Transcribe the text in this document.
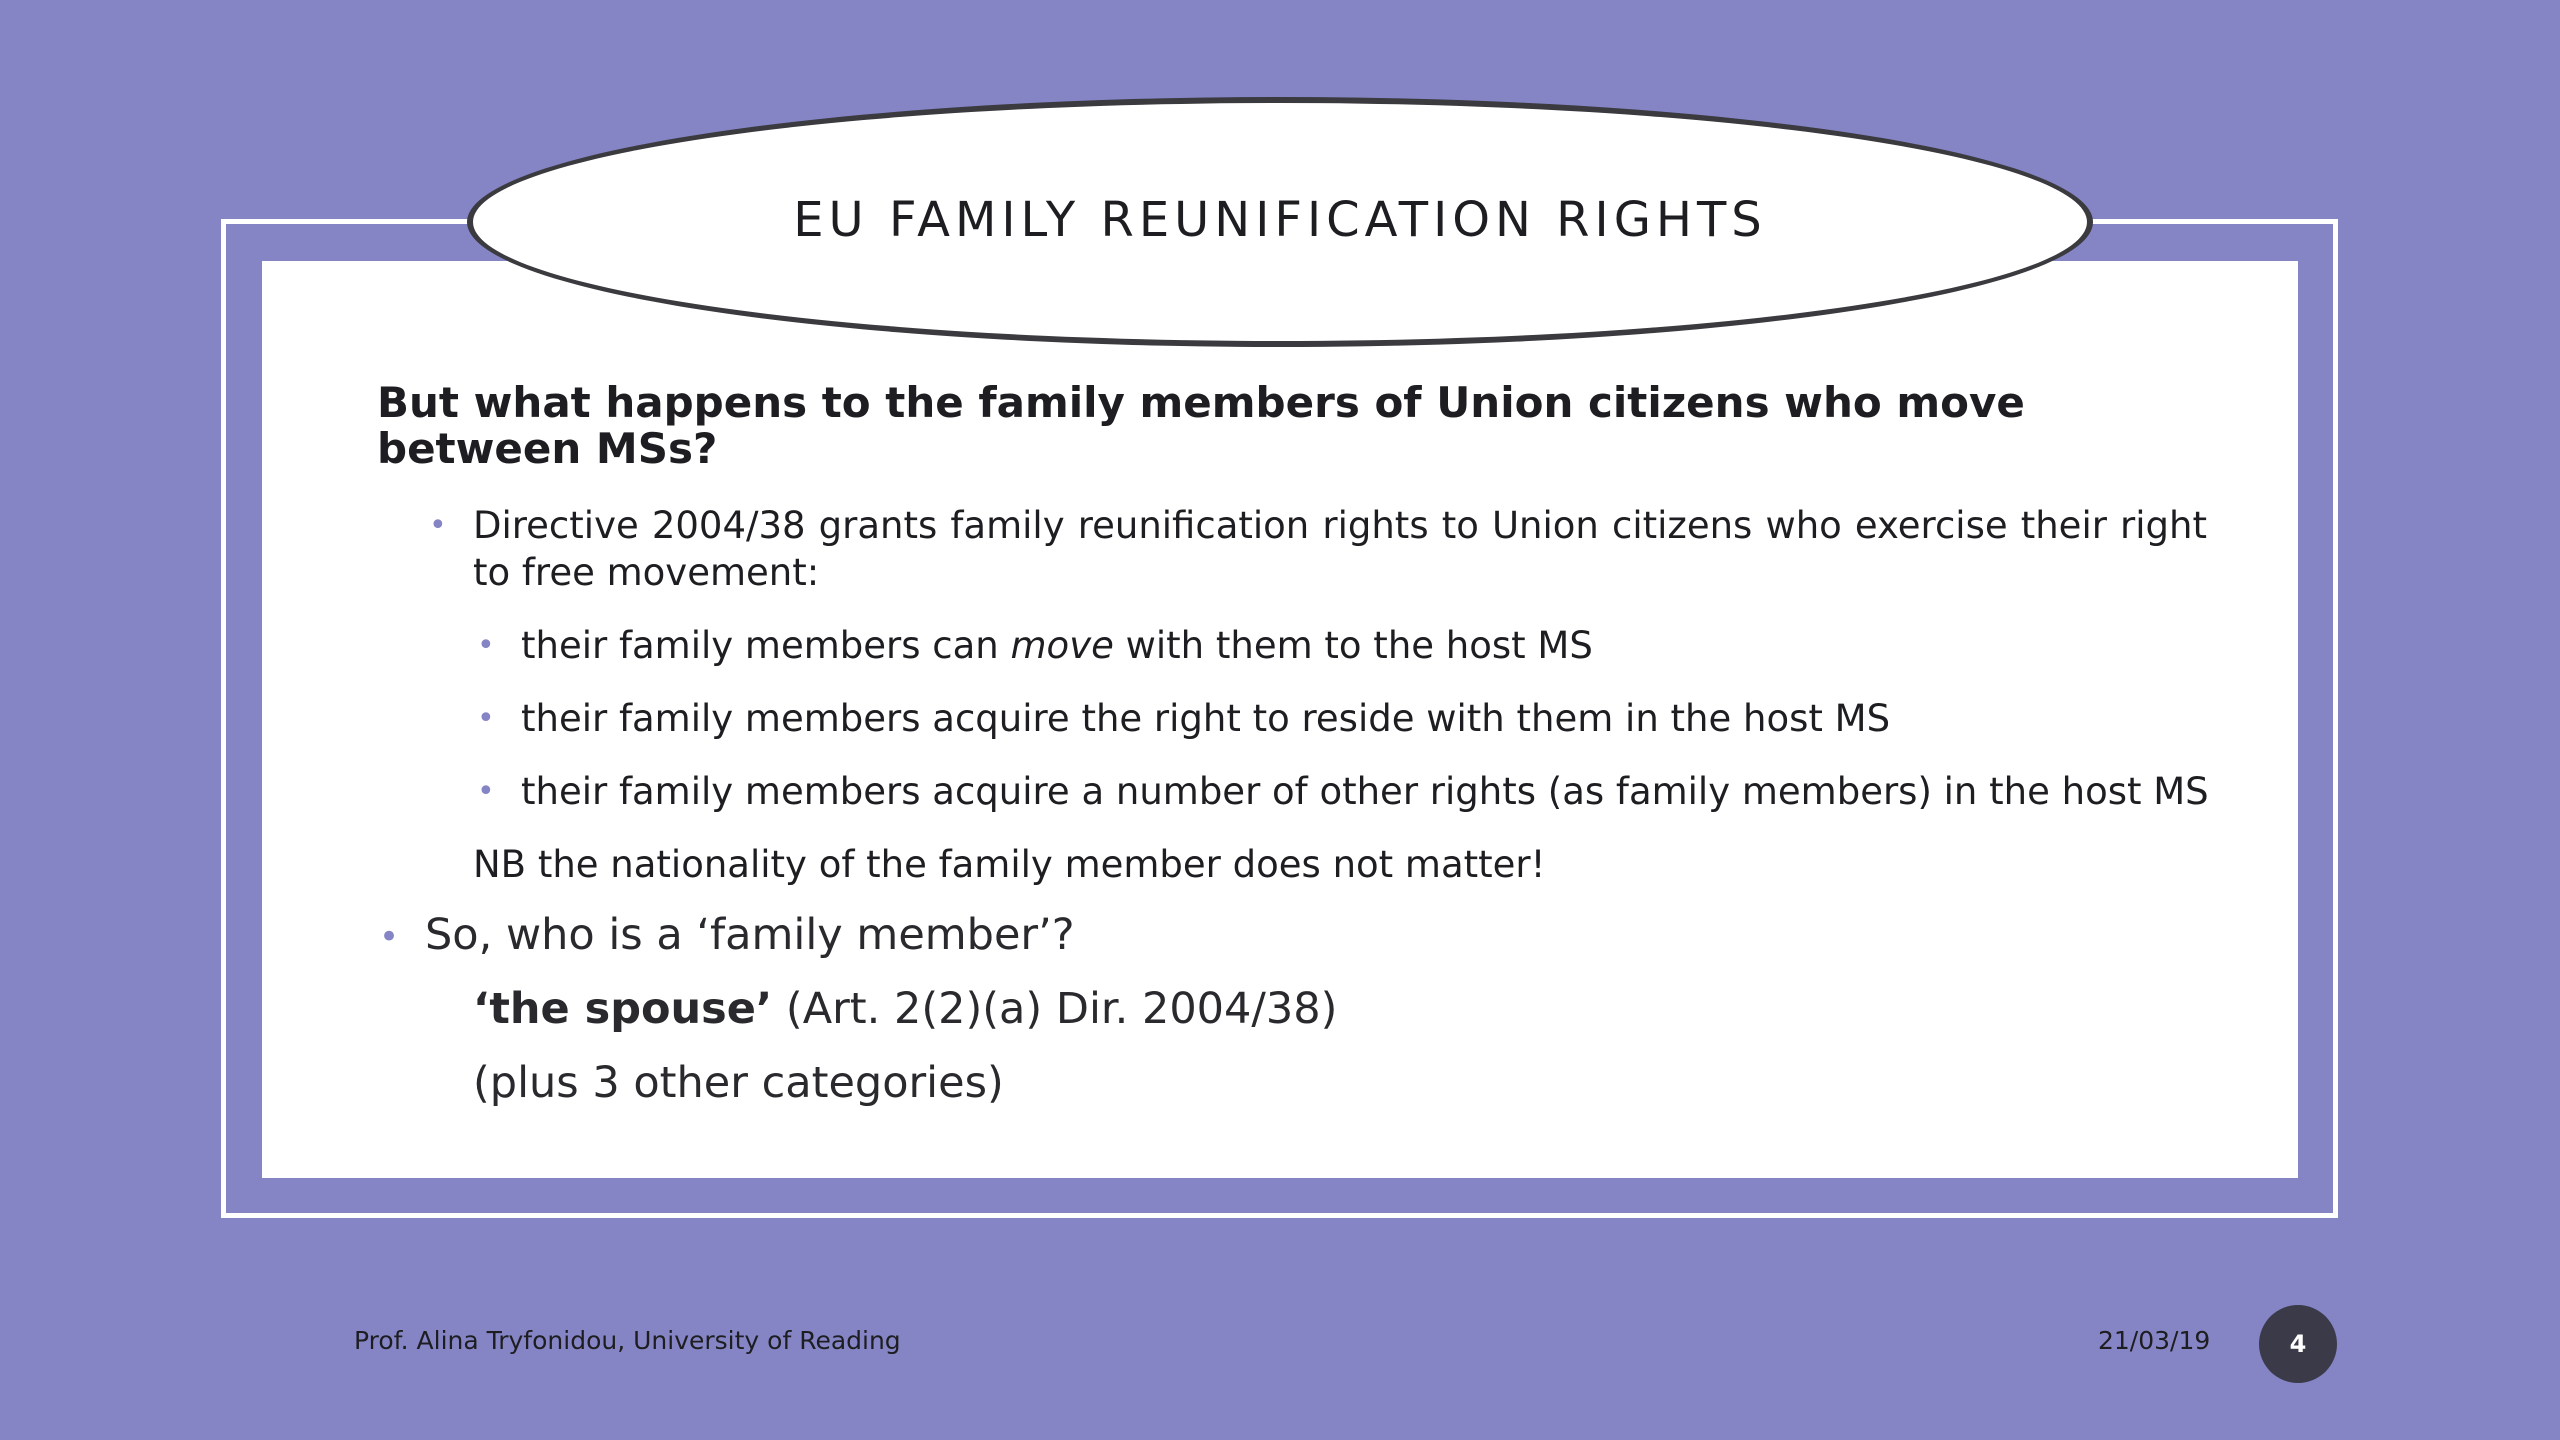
EU FAMILY REUNIFICATION RIGHTS
But what happens to the family members of Union citizens who move between MSs?
• Directive 2004/38 grants family reunification rights to Union citizens who exercise their right to free movement:
• their family members can move with them to the host MS
• their family members acquire the right to reside with them in the host MS
• their family members acquire a number of other rights (as family members) in the host MS
NB the nationality of the family member does not matter!
• So, who is a ‘family member’?
‘the spouse’ (Art. 2(2)(a) Dir. 2004/38)
(plus 3 other categories)
Prof. Alina Tryfonidou, University of Reading	21/03/19	4
